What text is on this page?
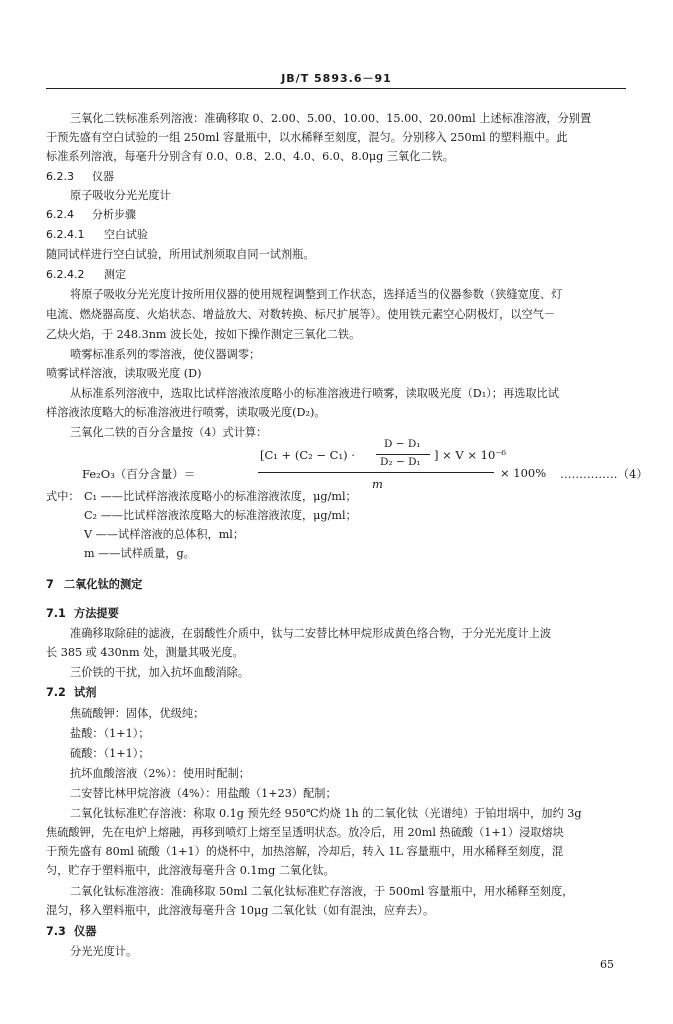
JB/T 5893.6－91
三氧化二铁标准系列溶液：准确移取 0、2.00、5.00、10.00、15.00、20.00ml 上述标准溶液，分别置
于预先盛有空白试验的一组 250ml 容量瓶中，以水稀释至刻度，混匀。分别移入 250ml 的塑料瓶中。此
标准系列溶液，每毫升分别含有 0.0、0.8、2.0、4.0、6.0、8.0μg 三氧化二铁。
6.2.3 仪器
原子吸收分光光度计
6.2.4 分析步骤
6.2.4.1 空白试验
随同试样进行空白试验，所用试剂须取自同一试剂瓶。
6.2.4.2 测定
将原子吸收分光光度计按所用仪器的使用规程调整到工作状态，选择适当的仪器参数（狭缝宽度、灯
电流、燃烧器高度、火焰状态、增益放大、对数转换、标尺扩展等）。使用铁元素空心阴极灯，以空气－
乙炔火焰，于 248.3nm 波长处，按如下操作测定三氧化二铁。
喷雾标准系列的零溶液，使仪器调零；
喷雾试样溶液，读取吸光度 (D)
从标准系列溶液中，选取比试样溶液浓度略小的标准溶液进行喷雾，读取吸光度（D₁）；再选取比试
样溶液浓度略大的标准溶液进行喷雾，读取吸光度(D₂)。
三氧化二铁的百分含量按（4）式计算：
[C₁ + (C₂ − C₁) ·
D − D₁
D₂ − D₁ ] × V × 10⁻⁶
Fe₂O₃（百分含量）＝
m
× 100% ……………（4）
式中： C₁ ——比试样溶液浓度略小的标准溶液浓度，μg/ml；
C₂ ——比试样溶液浓度略大的标准溶液浓度，μg/ml；
V ——试样溶液的总体积，ml；
m ——试样质量，g。
7 二氧化钛的测定
7.1 方法提要
准确移取除硅的滤液，在弱酸性介质中，钛与二安替比林甲烷形成黄色络合物，于分光光度计上波
长 385 或 430nm 处，测量其吸光度。
三价铁的干扰，加入抗坏血酸消除。
7.2 试剂
焦硫酸钾：固体，优级纯；
盐酸：（1+1）；
硫酸：（1+1）；
抗坏血酸溶液（2%）：使用时配制；
二安替比林甲烷溶液（4%）：用盐酸（1+23）配制；
二氧化钛标准贮存溶液：称取 0.1g 预先经 950℃灼烧 1h 的二氧化钛（光谱纯）于铂坩埚中，加约 3g
焦硫酸钾，先在电炉上熔融，再移到喷灯上熔至呈透明状态。放冷后，用 20ml 热硫酸（1+1）浸取熔块
于预先盛有 80ml 硫酸（1+1）的烧杯中，加热溶解，冷却后，转入 1L 容量瓶中，用水稀释至刻度，混
匀，贮存于塑料瓶中，此溶液每毫升含 0.1mg 二氧化钛。
二氧化钛标准溶液：准确移取 50ml 二氧化钛标准贮存溶液，于 500ml 容量瓶中，用水稀释至刻度，
混匀，移入塑料瓶中，此溶液每毫升含 10μg 二氧化钛（如有混浊，应弃去）。
7.3 仪器
分光光度计。
65
